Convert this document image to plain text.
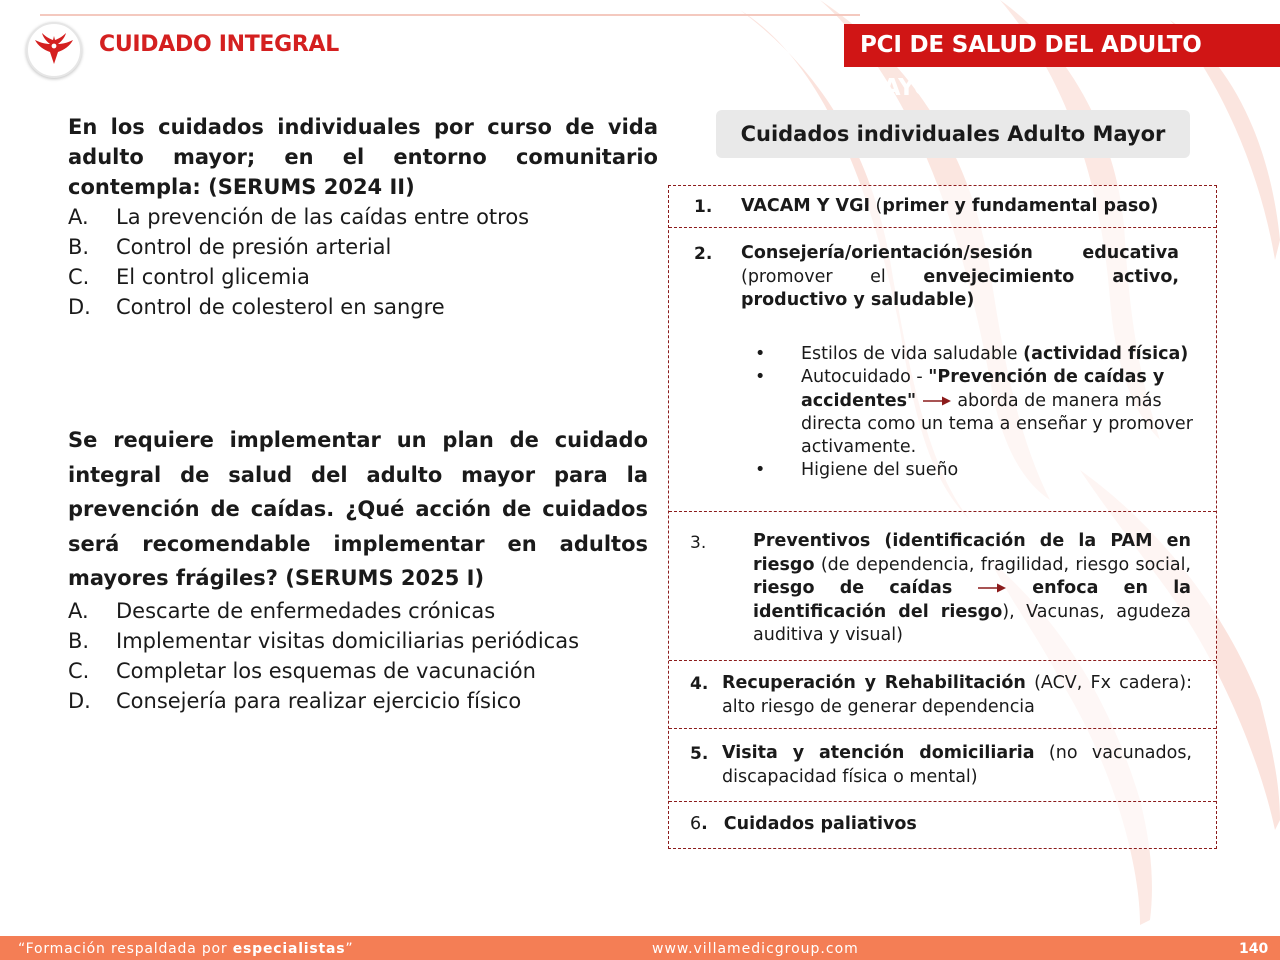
CUIDADO INTEGRAL	PCI DE SALUD DEL ADULTO MAYOR
En los cuidados individuales por curso de vida adulto mayor; en el entorno comunitario contempla: (SERUMS 2024 II)
A.	La prevención de las caídas entre otros
B.	Control de presión arterial
C.	El control glicemia
D.	Control de colesterol en sangre
Se requiere implementar un plan de cuidado integral de salud del adulto mayor para la prevención de caídas. ¿Qué acción de cuidados será recomendable implementar en adultos mayores frágiles? (SERUMS 2025 I)
A.	Descarte de enfermedades crónicas
B.	Implementar visitas domiciliarias periódicas
C.	Completar los esquemas de vacunación
D.	Consejería para realizar ejercicio físico
Cuidados individuales Adulto Mayor
1. VACAM Y VGI (primer y fundamental paso)
2. Consejería/orientación/sesión educativa (promover el envejecimiento activo, productivo y saludable)
• Estilos de vida saludable (actividad física)
• Autocuidado - "Prevención de caídas y accidentes"  aborda de manera más directa como un tema a enseñar y promover activamente.
• Higiene del sueño
3.	Preventivos (identificación de la PAM en riesgo (de dependencia, fragilidad, riesgo social, riesgo de caídas	enfoca en la identificación del riesgo), Vacunas, agudeza auditiva y visual)
4. Recuperación y Rehabilitación (ACV, Fx cadera): alto riesgo de generar dependencia
5. Visita y atención domiciliaria (no vacunados, discapacidad física o mental)
6. Cuidados paliativos
“Formación respaldada por especialistas”	www.villamedicgroup.com	140
